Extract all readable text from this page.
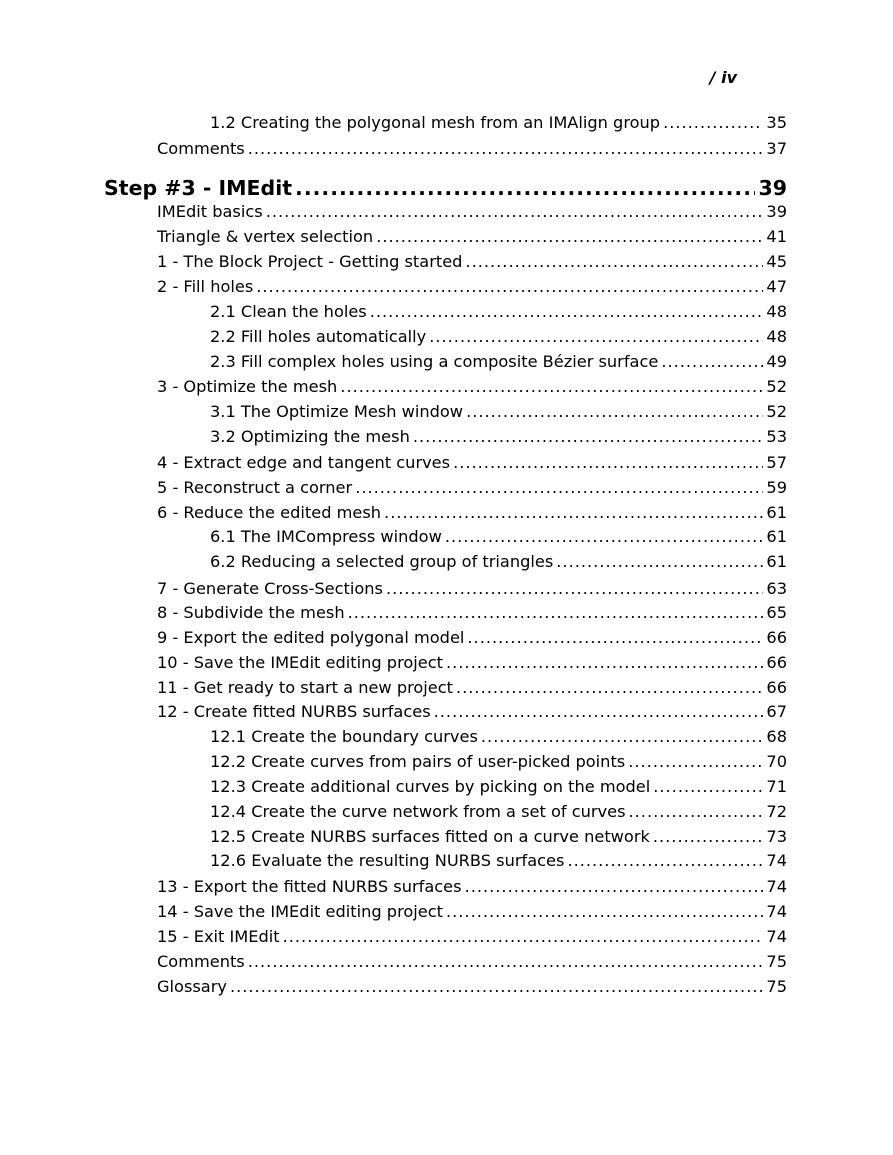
/ iv
1.2 Creating the polygonal mesh from an IMAlign group .....	35
Comments .....	37
Step #3 - IMEdit .....	39
IMEdit basics .....	39
Triangle & vertex selection .....	41
1 - The Block Project - Getting started .....	45
2 - Fill holes .....	47
2.1 Clean the holes .....	48
2.2 Fill holes automatically .....	48
2.3 Fill complex holes using a composite Bézier surface .....	49
3 - Optimize the mesh .....	52
3.1 The Optimize Mesh window .....	52
3.2 Optimizing the mesh .....	53
4 - Extract edge and tangent curves .....	57
5 - Reconstruct a corner .....	59
6 - Reduce the edited mesh .....	61
6.1 The IMCompress window .....	61
6.2 Reducing a selected group of triangles .....	61
7 - Generate Cross-Sections .....	63
8 - Subdivide the mesh .....	65
9 - Export the edited polygonal model .....	66
10 - Save the IMEdit editing project .....	66
11 - Get ready to start a new project .....	66
12 - Create fitted NURBS surfaces .....	67
12.1 Create the boundary curves .....	68
12.2 Create curves from pairs of user-picked points .....	70
12.3 Create additional curves by picking on the model .....	71
12.4 Create the curve network from a set of curves .....	72
12.5 Create NURBS surfaces fitted on a curve network .....	73
12.6 Evaluate the resulting NURBS surfaces .....	74
13 - Export the fitted NURBS surfaces .....	74
14 - Save the IMEdit editing project .....	74
15 - Exit IMEdit .....	74
Comments .....	75
Glossary .....	75
